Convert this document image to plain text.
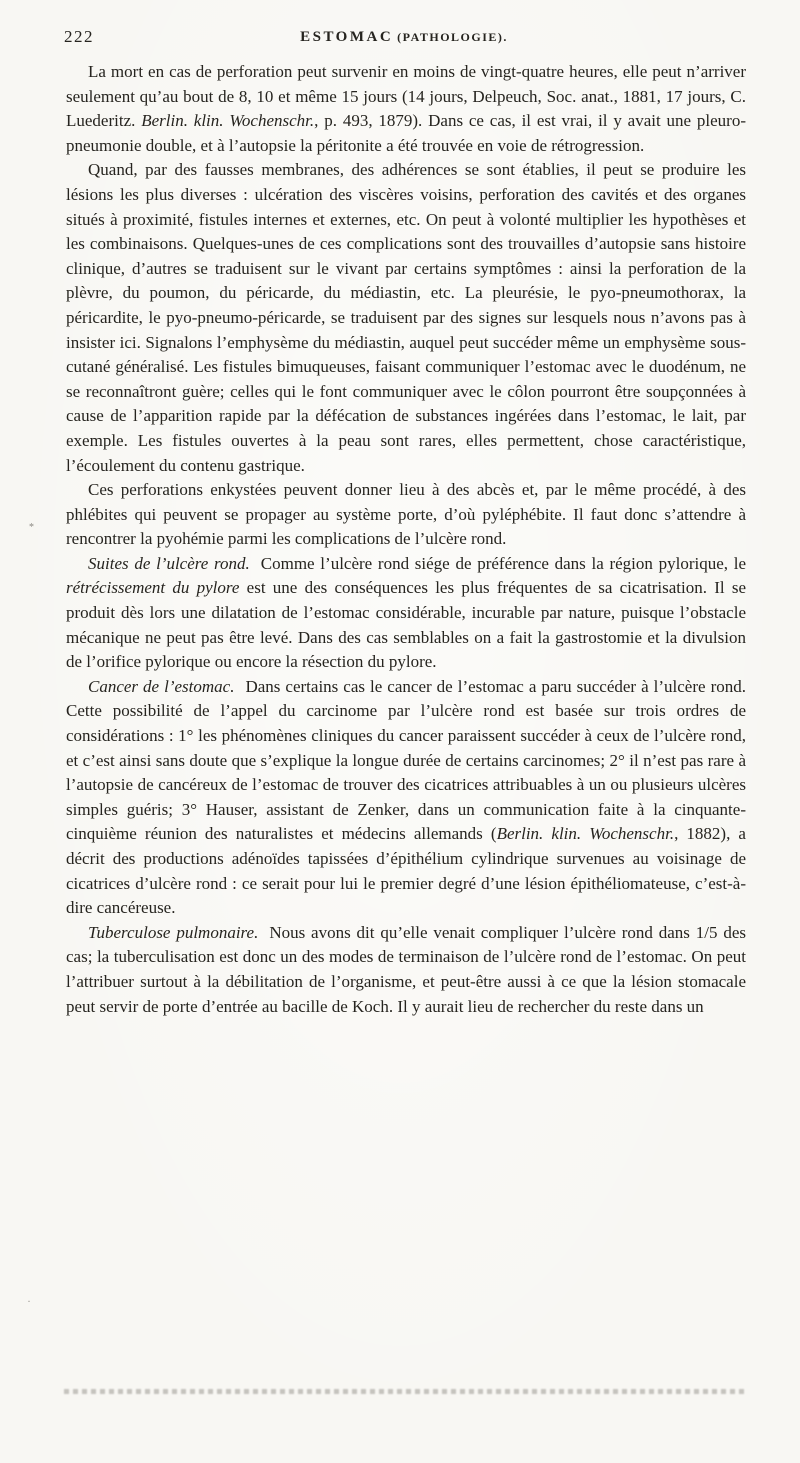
222	ESTOMAC (PATHOLOGIE).

La mort en cas de perforation peut survenir en moins de vingt-quatre heures, elle peut n’arriver seulement qu’au bout de 8, 10 et même 15 jours (14 jours, Delpeuch, Soc. anat., 1881, 17 jours, C. Luederitz. Berlin. klin. Wochenschr., p. 493, 1879). Dans ce cas, il est vrai, il y avait une pleuro-pneumonie double, et à l’autopsie la péritonite a été trouvée en voie de rétrogression.

Quand, par des fausses membranes, des adhérences se sont établies, il peut se produire les lésions les plus diverses : ulcération des viscères voisins, perforation des cavités et des organes situés à proximité, fistules internes et externes, etc. On peut à volonté multiplier les hypothèses et les combinaisons. Quelques-unes de ces complications sont des trouvailles d’autopsie sans histoire clinique, d’autres se traduisent sur le vivant par certains symptômes : ainsi la perforation de la plèvre, du poumon, du péricarde, du médiastin, etc. La pleurésie, le pyo-pneumothorax, la péricardite, le pyo-pneumo-péricarde, se traduisent par des signes sur lesquels nous n’avons pas à insister ici. Signalons l’emphysème du médiastin, auquel peut succéder même un emphysème sous-cutané généralisé. Les fistules bimuqueuses, faisant communiquer l’estomac avec le duodénum, ne se reconnaîtront guère; celles qui le font communiquer avec le côlon pourront être soupçonnées à cause de l’apparition rapide par la défécation de substances ingérées dans l’estomac, le lait, par exemple. Les fistules ouvertes à la peau sont rares, elles permettent, chose caractéristique, l’écoulement du contenu gastrique.

Ces perforations enkystées peuvent donner lieu à des abcès et, par le même procédé, à des phlébites qui peuvent se propager au système porte, d’où pyléphébite. Il faut donc s’attendre à rencontrer la pyohémie parmi les complications de l’ulcère rond.

Suites de l’ulcère rond. Comme l’ulcère rond siége de préférence dans la région pylorique, le rétrécissement du pylore est une des conséquences les plus fréquentes de sa cicatrisation. Il se produit dès lors une dilatation de l’estomac considérable, incurable par nature, puisque l’obstacle mécanique ne peut pas être levé. Dans des cas semblables on a fait la gastrostomie et la divulsion de l’orifice pylorique ou encore la résection du pylore.

Cancer de l’estomac. Dans certains cas le cancer de l’estomac a paru succéder à l’ulcère rond. Cette possibilité de l’appel du carcinome par l’ulcère rond est basée sur trois ordres de considérations : 1° les phénomènes cliniques du cancer paraissent succéder à ceux de l’ulcère rond, et c’est ainsi sans doute que s’explique la longue durée de certains carcinomes; 2° il n’est pas rare à l’autopsie de cancéreux de l’estomac de trouver des cicatrices attribuables à un ou plusieurs ulcères simples guéris; 3° Hauser, assistant de Zenker, dans un communication faite à la cinquante-cinquième réunion des naturalistes et médecins allemands (Berlin. klin. Wochenschr., 1882), a décrit des productions adénoïdes tapissées d’épithélium cylindrique survenues au voisinage de cicatrices d’ulcère rond : ce serait pour lui le premier degré d’une lésion épithéliomateuse, c’est-à-dire cancéreuse.

Tuberculose pulmonaire. Nous avons dit qu’elle venait compliquer l’ulcère rond dans 1/5 des cas; la tuberculisation est donc un des modes de terminaison de l’ulcère rond de l’estomac. On peut l’attribuer surtout à la débilitation de l’organisme, et peut-être aussi à ce que la lésion stomacale peut servir de porte d’entrée au bacille de Koch. Il y aurait lieu de rechercher du reste dans un

*
·
